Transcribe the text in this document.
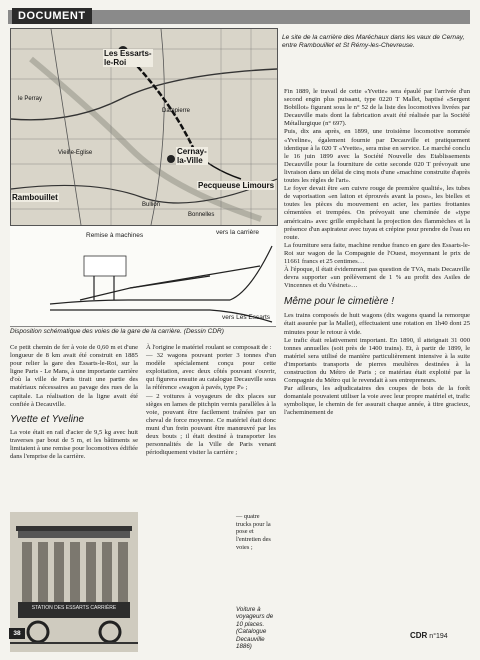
DOCUMENT
Les Essarts-
le-Roi
Cernay-
la-Ville
Rambouillet
Pecqueuse Limours
Dampierre
le Perray
Vieille-Eglise
Bullion
Bonnelles
Le site de la carrière des Maréchaux dans les vaux de Cernay, entre Rambouillet et St Rémy-les-Chevreuse.
Remise à machines	vers la carrière
vers Les Essarts
Disposition schématique des voies de la gare de la carrière. (Dessin CDR)

Ce petit chemin de fer à voie de 0,60 m et d'une longueur de 8 km avait été construit en 1885 pour relier la gare des Essarts-le-Roi, sur la ligne Paris - Le Mans, à une importante carrière d'où la ville de Paris tirait une partie des matériaux nécessaires au pavage des rues de la capitale. La réalisation de la ligne avait été confiée à Decauville.

Yvette et Yveline

La voie était en rail d'acier de 9,5 kg avec huit traverses par bout de 5 m, et les bâtiments se limitaient à une remise pour locomotives édifiée dans l'emprise de la carrière.

STATION DES ESSARTS CARRIÈRE

À l'origine le matériel roulant se composait de :

— 32 wagons pouvant porter 3 tonnes d'un modèle spécialement conçu pour cette exploitation, avec deux côtés pouvant s'ouvrir, qui figurera ensuite au catalogue Decauville sous la référence «wagon à pavés, type P» ;

— 2 voitures à voyageurs de dix places sur sièges en lames de pitchpin vernis parallèles à la voie, pouvant être facilement traînées par un cheval de force moyenne. Ce matériel était donc muni d'un frein pouvant être manœuvré par les deux bouts ; il était destiné à transporter les personnalités de la Ville de Paris venant périodiquement visiter la carrière ;

— quatre trucks pour la pose et l'entretien des voies ;

Voiture à voyageurs de 10 places. (Catalogue Decauville 1886)

Fin 1889, le travail de cette «Yvette» sera épaulé par l'arrivée d'un second engin plus puissant, type 0220 T Mallet, baptisé «Sergent Bobillot» figurant sous le n° 52 de la liste des locomotives livrées par Decauville mais dont la fabrication avait été réalisée par la Société Métallurgique (n° 697).

Puis, dix ans après, en 1899, une troisième locomotive nommée «Yveline», également fournie par Decauville et pratiquement identique à la 020 T «Yvette», sera mise en service. Le marché conclu le 16 juin 1899 avec la Société Nouvelle des Etablissements Decauville pour la fourniture de cette seconde 020 T prévoyait une livraison dans un délai de cinq mois d'une «machine construite d'après toutes les règles de l'art».

Le foyer devait être «en cuivre rouge de première qualité», les tubes de vaporisation «en laiton et éprouvés avant la pose», les bielles et toutes les pièces du mouvement en acier, les parties frottantes cémentées et trempées. On prévoyait une cheminée de «type américain» avec grille empêchant la projection des flammèches et la présence d'un aspirateur avec tuyau et crépine pour prendre de l'eau en route.

La fourniture sera faite, machine rendue franco en gare des Essarts-le-Roi sur wagon de la Compagnie de l'Ouest, moyennant le prix de 11661 francs et 25 centimes…

À l'époque, il était évidemment pas question de TVA, mais Decauville devra supporter «un prélèvement de 1 % au profit des Asiles de Vincennes et du Vésinet»…

Même pour le cimetière !

Les trains composés de huit wagons (dix wagons quand la remorque était assurée par la Mallet), effectuaient une rotation en 1h40 dont 25 minutes pour le retour à vide.

Le trafic était relativement important. En 1890, il atteignait 31 000 tonnes annuelles (soit près de 1400 trains). Et, à partir de 1899, le matériel sera utilisé de manière particulièrement intensive à la suite d'importants transports de pierres meulières destinées à la construction du Métro de Paris ; ce matériau était exploité par la Compagnie du Métro qui le revendait à ses entrepreneurs.

Par ailleurs, les adjudicataires des coupes de bois de la forêt domaniale pouvaient utiliser la voie avec leur propre matériel et, trafic symbolique, le chemin de fer assurait chaque année, à titre gracieux, l'acheminement de

38	CDR n°194
